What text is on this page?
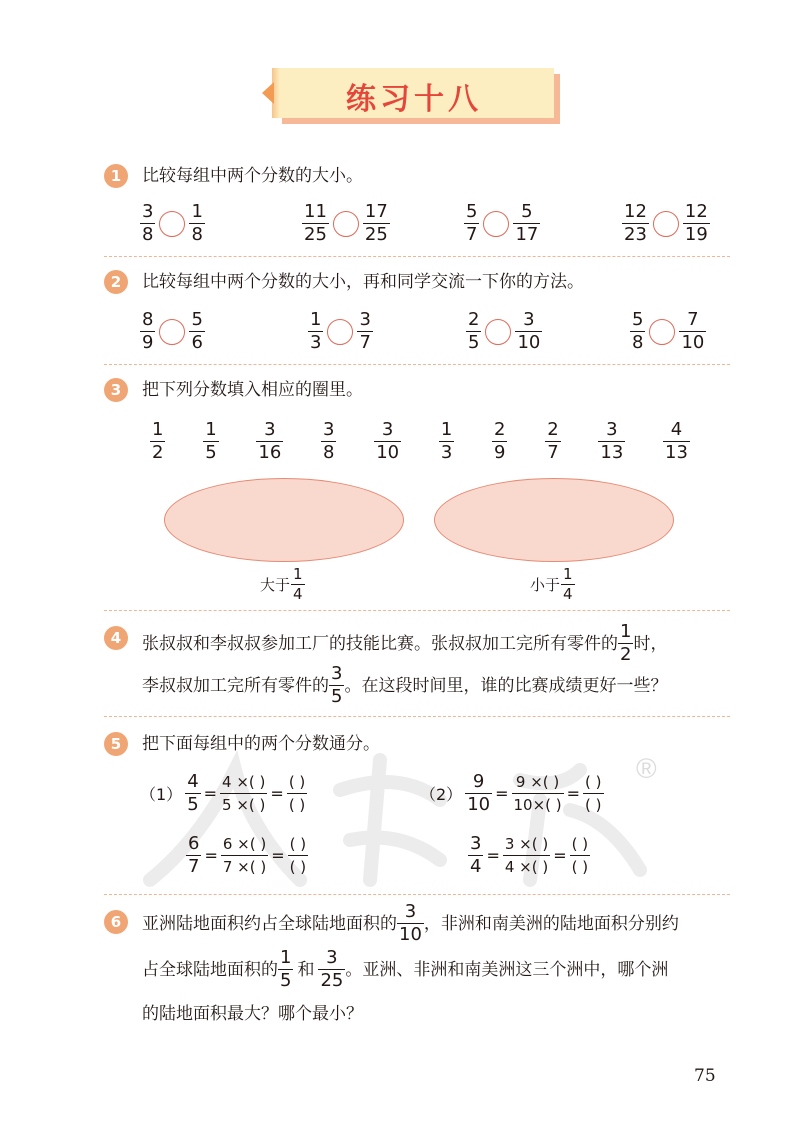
练习十八
®
1	比较每组中两个分数的大小。
$\frac{3}{8} \frac{1}{8}$	$\frac{11}{25} \frac{17}{25}$	$\frac{5}{7} \frac{5}{17}$	$\frac{12}{23} \frac{12}{19}$
2	比较每组中两个分数的大小，再和同学交流一下你的方法。
$\frac{8}{9} \frac{5}{6}$	$\frac{1}{3} \frac{3}{7}$	$\frac{2}{5} \frac{3}{10}$	$\frac{5}{8} \frac{7}{10}$
3	把下列分数填入相应的圈里。
$\frac{1}{2} \frac{1}{5} \frac{3}{16} \frac{3}{8} \frac{3}{10} \frac{1}{3} \frac{2}{9} \frac{2}{7} \frac{3}{13} \frac{4}{13}$
大于 $\frac{1}{4}$	小于 $\frac{1}{4}$
4	张叔叔和李叔叔参加工厂的技能比赛。张叔叔加工完所有零件的 $\frac{1}{2}$ 时，
李叔叔加工完所有零件的 $\frac{3}{5}$ 。在这段时间里，谁的比赛成绩更好一些？
5	把下面每组中的两个分数通分。
$(1) \frac{4}{5} = \frac{4 \times( )}{5 \times( )} = \frac{( )}{( )}$	$(2) \frac{9}{10} = \frac{9 \times( )}{10\times( )} = \frac{( )}{( )}$
$\frac{6}{7} = \frac{6 \times( )}{7 \times( )} = \frac{( )}{( )}$	$\frac{3}{4} = \frac{3 \times( )}{4 \times( )} = \frac{( )}{( )}$
6	亚洲陆地面积约占全球陆地面积的 $\frac{3}{10}$ ，非洲和南美洲的陆地面积分别约
占全球陆地面积的 $\frac{1}{5}$ 和 $\frac{3}{25}$ 。亚洲、非洲和南美洲这三个洲中，哪个洲
的陆地面积最大？哪个最小？
75
